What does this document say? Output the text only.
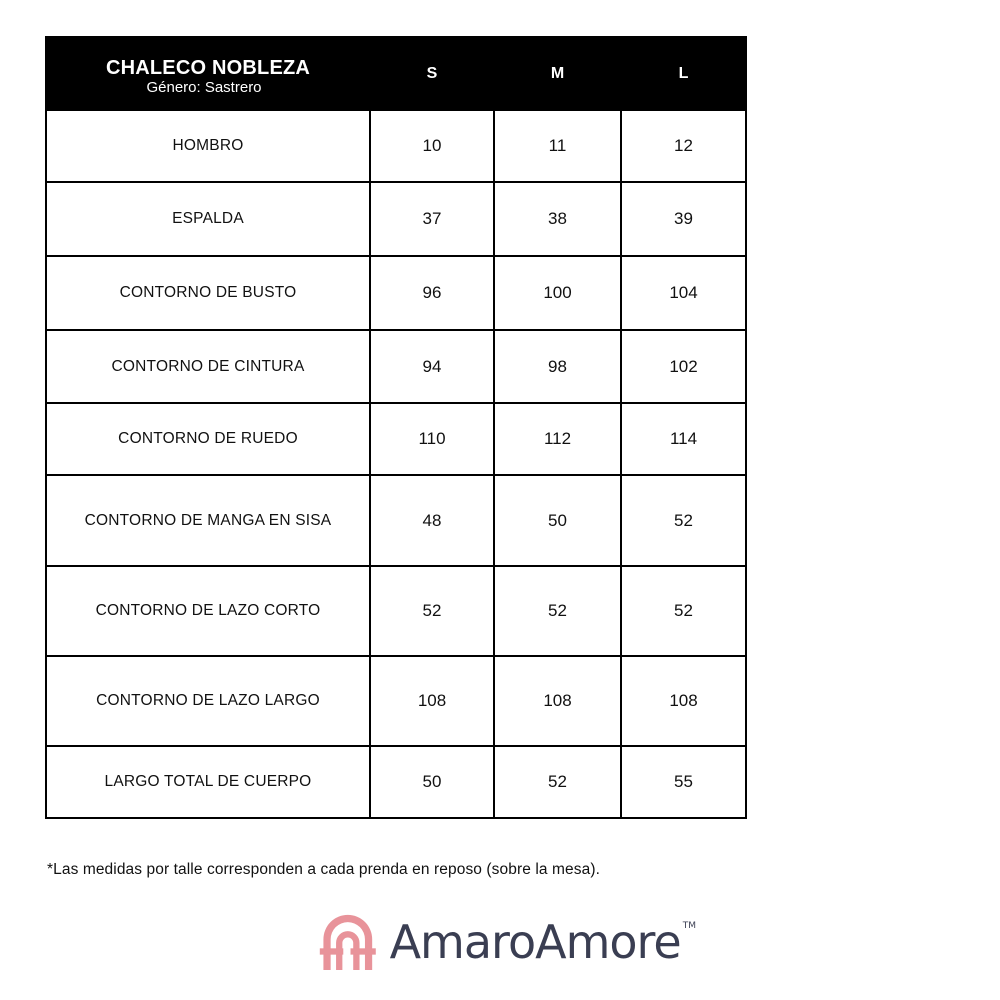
CHALECO NOBLEZA
Género: Sastrero	S	M	L
HOMBRO	10	11	12
ESPALDA	37	38	39
CONTORNO DE BUSTO	96	100	104
CONTORNO DE CINTURA	94	98	102
CONTORNO DE RUEDO	110	112	114
CONTORNO DE MANGA EN SISA	48	50	52
CONTORNO DE LAZO CORTO	52	52	52
CONTORNO DE LAZO LARGO	108	108	108
LARGO TOTAL DE CUERPO	50	52	55
*Las medidas por talle corresponden a cada prenda en reposo (sobre la mesa).
AmaroAmore TM
